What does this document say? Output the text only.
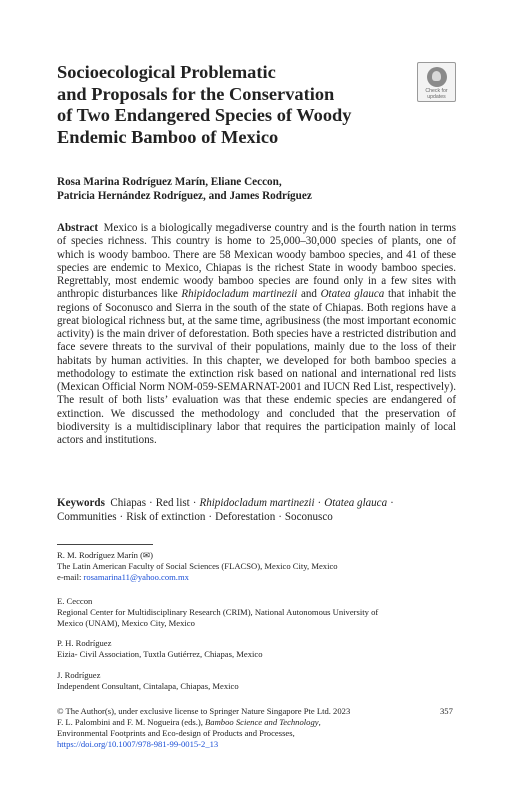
Socioecological Problematic
and Proposals for the Conservation
of Two Endangered Species of Woody
Endemic Bamboo of Mexico
Check for
updates
Rosa Marina Rodríguez Marín, Eliane Ceccon,
Patricia Hernández Rodríguez, and James Rodríguez
Abstract  Mexico is a biologically megadiverse country and is the fourth nation in terms of species richness. This country is home to 25,000–30,000 species of plants, one of which is woody bamboo. There are 58 Mexican woody bamboo species, and 41 of these species are endemic to Mexico, Chiapas is the richest State in woody bamboo species. Regrettably, most endemic woody bamboo species are found only in a few sites with anthropic disturbances like Rhipidocladum martinezii and Otatea glauca that inhabit the regions of Soconusco and Sierra in the south of the state of Chiapas. Both regions have a great biological richness but, at the same time, agribusiness (the most important economic activity) is the main driver of deforestation. Both species have a restricted distribution and face severe threats to the survival of their populations, mainly due to the loss of their habitats by human activities. In this chapter, we developed for both bamboo species a methodology to estimate the extinction risk based on national and international red lists (Mexican Official Norm NOM-059-SEMARNAT-2001 and IUCN Red List, respectively). The result of both lists’ evaluation was that these endemic species are endangered of extinction. We discussed the methodology and concluded that the preservation of biodiversity is a multidisciplinary labor that requires the participation mainly of local actors and institutions.
Keywords  Chiapas · Red list · Rhipidocladum martinezii · Otatea glauca · Communities · Risk of extinction · Deforestation · Soconusco
R. M. Rodríguez Marín (✉)
The Latin American Faculty of Social Sciences (FLACSO), Mexico City, Mexico
e-mail: rosamarina11@yahoo.com.mx
E. Ceccon
Regional Center for Multidisciplinary Research (CRIM), National Autonomous University of
Mexico (UNAM), Mexico City, Mexico
P. H. Rodríguez
Eizia- Civil Association, Tuxtla Gutiérrez, Chiapas, Mexico
J. Rodríguez
Independent Consultant, Cintalapa, Chiapas, Mexico
© The Author(s), under exclusive license to Springer Nature Singapore Pte Ltd. 2023
F. L. Palombini and F. M. Nogueira (eds.), Bamboo Science and Technology,
Environmental Footprints and Eco-design of Products and Processes,
https://doi.org/10.1007/978-981-99-0015-2_13
357
